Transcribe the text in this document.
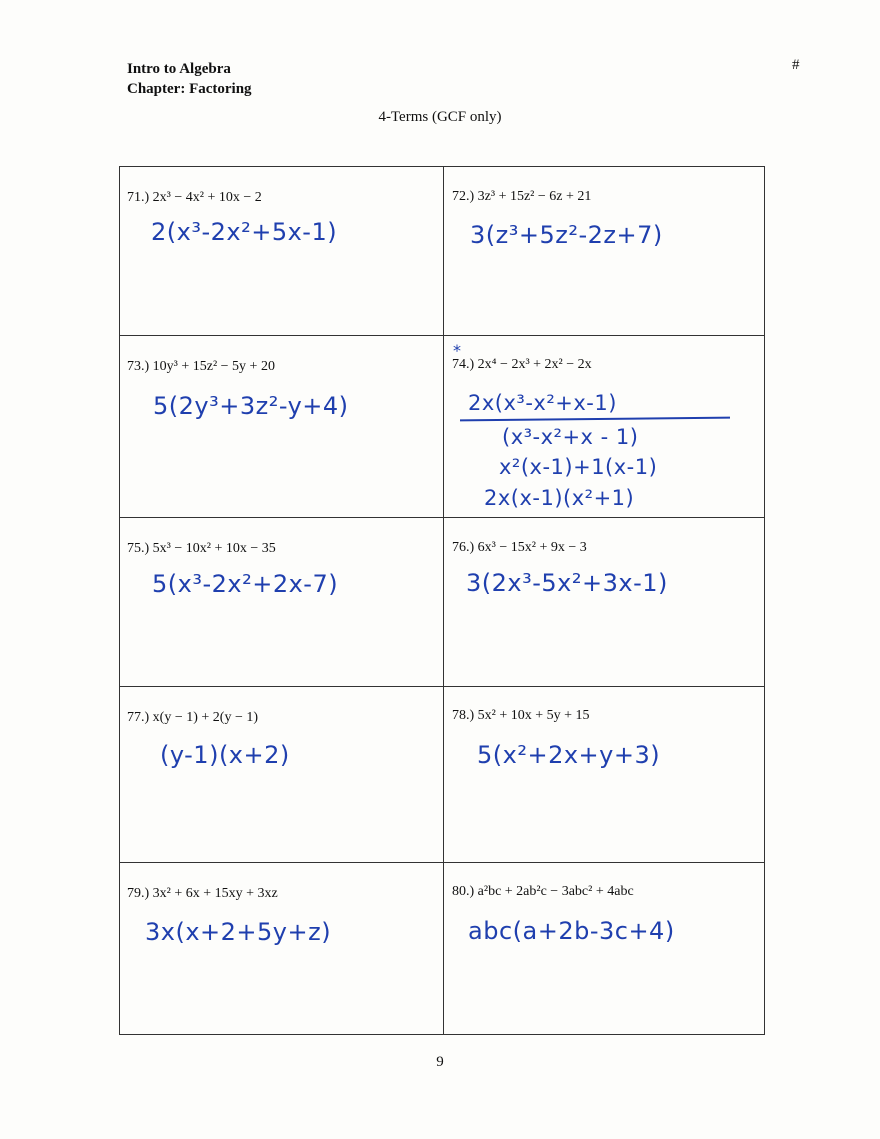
Intro to Algebra
Chapter: Factoring
#
4-Terms (GCF only)
71.) 2x³ − 4x² + 10x − 2
2(x³-2x²+5x-1)
72.) 3z³ + 15z² − 6z + 21
3(z³+5z²-2z+7)
73.) 10y³ + 15z² − 5y + 20
5(2y³+3z²-y+4)
*
74.) 2x⁴ − 2x³ + 2x² − 2x
2x(x³-x²+x-1)
(x³-x²+x - 1)
x²(x-1)+1(x-1)
2x(x-1)(x²+1)
75.) 5x³ − 10x² + 10x − 35
5(x³-2x²+2x-7)
76.) 6x³ − 15x² + 9x − 3
3(2x³-5x²+3x-1)
77.) x(y − 1) + 2(y − 1)
(y-1)(x+2)
78.) 5x² + 10x + 5y + 15
5(x²+2x+y+3)
79.) 3x² + 6x + 15xy + 3xz
3x(x+2+5y+z)
80.) a²bc + 2ab²c − 3abc² + 4abc
abc(a+2b-3c+4)
9
